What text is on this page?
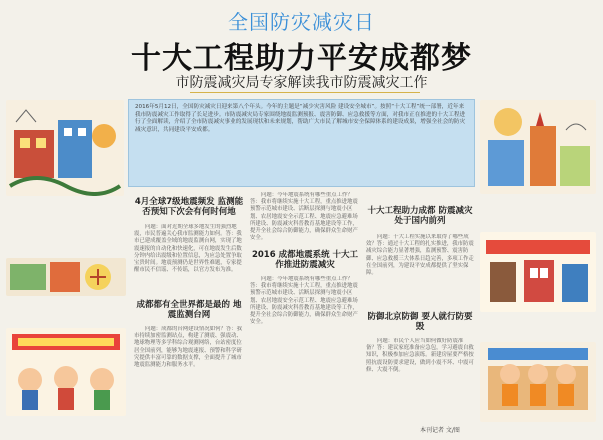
全国防灾减灾日
十大工程助力平安成都梦
市防震减灾局专家解读我市防震减灾工作
2016年5月12日，全国防灾减灾日迎来第八个年头。今年的主题是“减少灾害风险 建设安全城市”。按照“十大工程”统一部署，近年来我市防震减灾工作取得了长足进步。市防震减灾局专家围绕地震监测预报、震害防御、应急救援等方面，对我市正在推进的十大工程进行了全面解读，介绍了全市防震减灾事业的发展现状和未来规划，帮助广大市民了解城市安全保障体系的建设成果，增强全社会的防灾减灾意识，共同建设平安成都。
4月全球7级地震频发 监测能否预知下次会有何时何地

问题：面对近期全球多地发生的强烈地震，市民普遍关心我市监测能力如何。答：我市已建成覆盖全域的地震监测台网，实现了地震速报的自动化和快速化，可在地震发生后数分钟内给出震级和位置信息，为应急处置争取宝贵时间。地震预测仍是世界性难题，专家提醒市民不信谣、不传谣，以官方发布为准。

成都都有全世界都是最的 地震监测台网

问题：成都的台网建设情况如何？答：我市持续加密监测站点，构建了测震、强震动、地球物理等多学科综合观测网络，台站密度位居全国前列，能够为地震速报、预警和科学研究提供丰富可靠的数据支撑，全面提升了城市地震监测能力和服务水平。

问题：今年地震系统有哪些重点工作？答：我市将继续实施十大工程，重点推进地震预警示范城市建设、活断层探测与地震小区划、农居地震安全示范工程、地震应急避难场所建设、防震减灾科普教育基地建设等工作，提升全社会综合防御能力，确保群众生命财产安全。

2016 成都地震系统 十大工作推进防震减灾

问题：今年地震系统有哪些重点工作？答：我市将继续实施十大工程，重点推进地震预警示范城市建设、活断层探测与地震小区划、农居地震安全示范工程、地震应急避难场所建设、防震减灾科普教育基地建设等工作，提升全社会综合防御能力，确保群众生命财产安全。

十大工程助力成都 防震减灾处于国内前列

问题：十大工程实施以来取得了哪些成效？答：通过十大工程的扎实推进，我市防震减灾综合能力显著增强，监测预警、震害防御、应急救援三大体系日趋完善，多项工作走在全国前列，为建设平安成都提供了坚实保障。

防御北京防御 要人就行防要毁

问题：市民个人应当如何做好防震准备？答：建议家庭准备应急包，学习避震自救知识，积极参加应急演练。新建房屋要严格按照抗震设防要求建设，做到小震不坏、中震可修、大震不倒。

本刊记者 文/图
